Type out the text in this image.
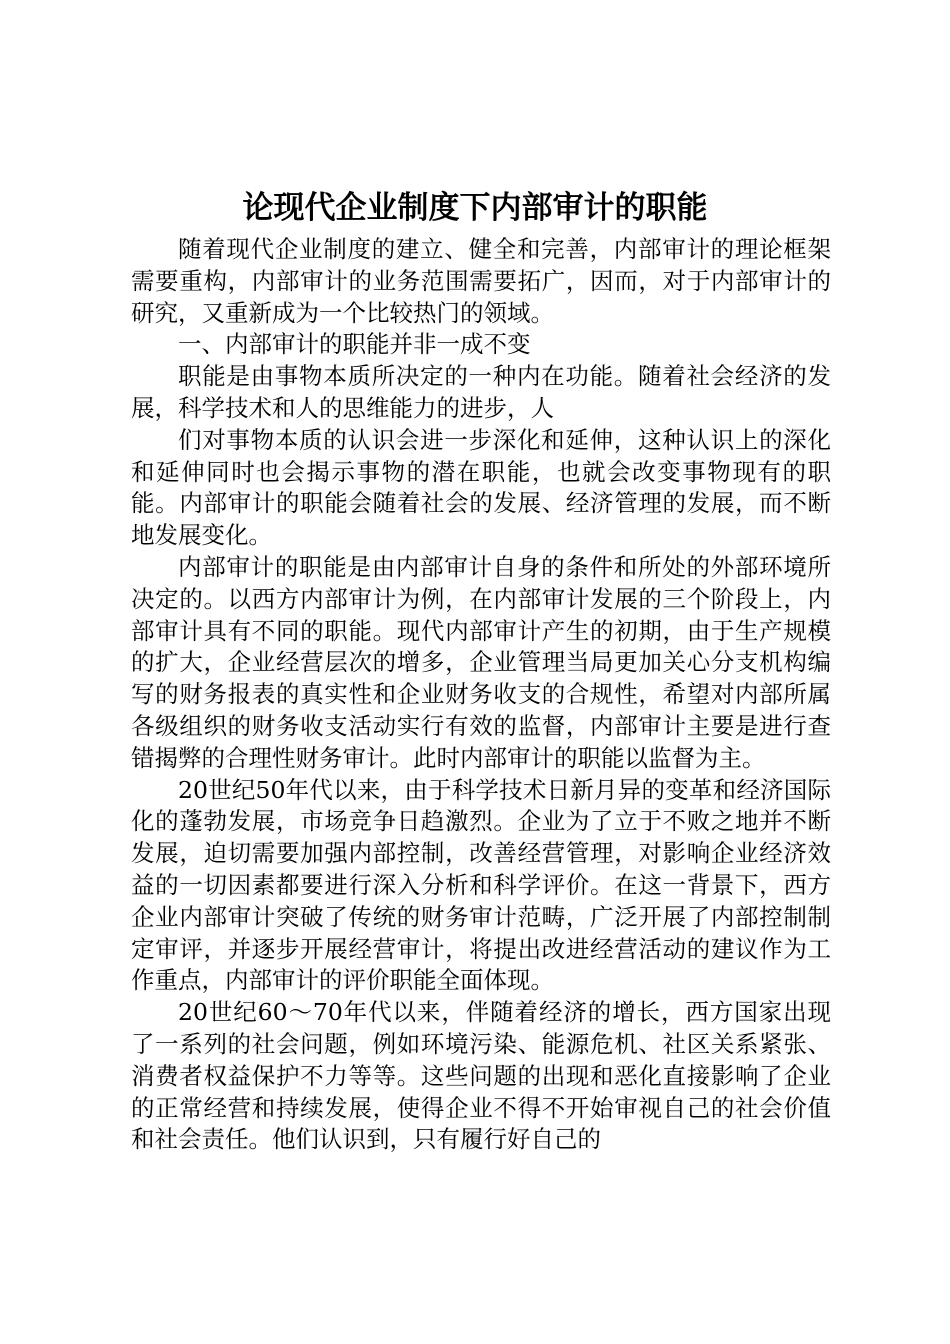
论现代企业制度下内部审计的职能

随着现代企业制度的建立、健全和完善，内部审计的理论框架需要重构，内部审计的业务范围需要拓广，因而，对于内部审计的研究，又重新成为一个比较热门的领域。

一、内部审计的职能并非一成不变

职能是由事物本质所决定的一种内在功能。随着社会经济的发展，科学技术和人的思维能力的进步，人

们对事物本质的认识会进一步深化和延伸，这种认识上的深化和延伸同时也会揭示事物的潜在职能，也就会改变事物现有的职能。内部审计的职能会随着社会的发展、经济管理的发展，而不断地发展变化。

内部审计的职能是由内部审计自身的条件和所处的外部环境所决定的。以西方内部审计为例，在内部审计发展的三个阶段上，内部审计具有不同的职能。现代内部审计产生的初期，由于生产规模的扩大，企业经营层次的增多，企业管理当局更加关心分支机构编写的财务报表的真实性和企业财务收支的合规性，希望对内部所属各级组织的财务收支活动实行有效的监督，内部审计主要是进行查错揭弊的合理性财务审计。此时内部审计的职能以监督为主。

20世纪50年代以来，由于科学技术日新月异的变革和经济国际化的蓬勃发展，市场竞争日趋激烈。企业为了立于不败之地并不断发展，迫切需要加强内部控制，改善经营管理，对影响企业经济效益的一切因素都要进行深入分析和科学评价。在这一背景下，西方企业内部审计突破了传统的财务审计范畴，广泛开展了内部控制制定审评，并逐步开展经营审计，将提出改进经营活动的建议作为工作重点，内部审计的评价职能全面体现。

20世纪60～70年代以来，伴随着经济的增长，西方国家出现了一系列的社会问题，例如环境污染、能源危机、社区关系紧张、消费者权益保护不力等等。这些问题的出现和恶化直接影响了企业的正常经营和持续发展，使得企业不得不开始审视自己的社会价值和社会责任。他们认识到，只有履行好自己的
